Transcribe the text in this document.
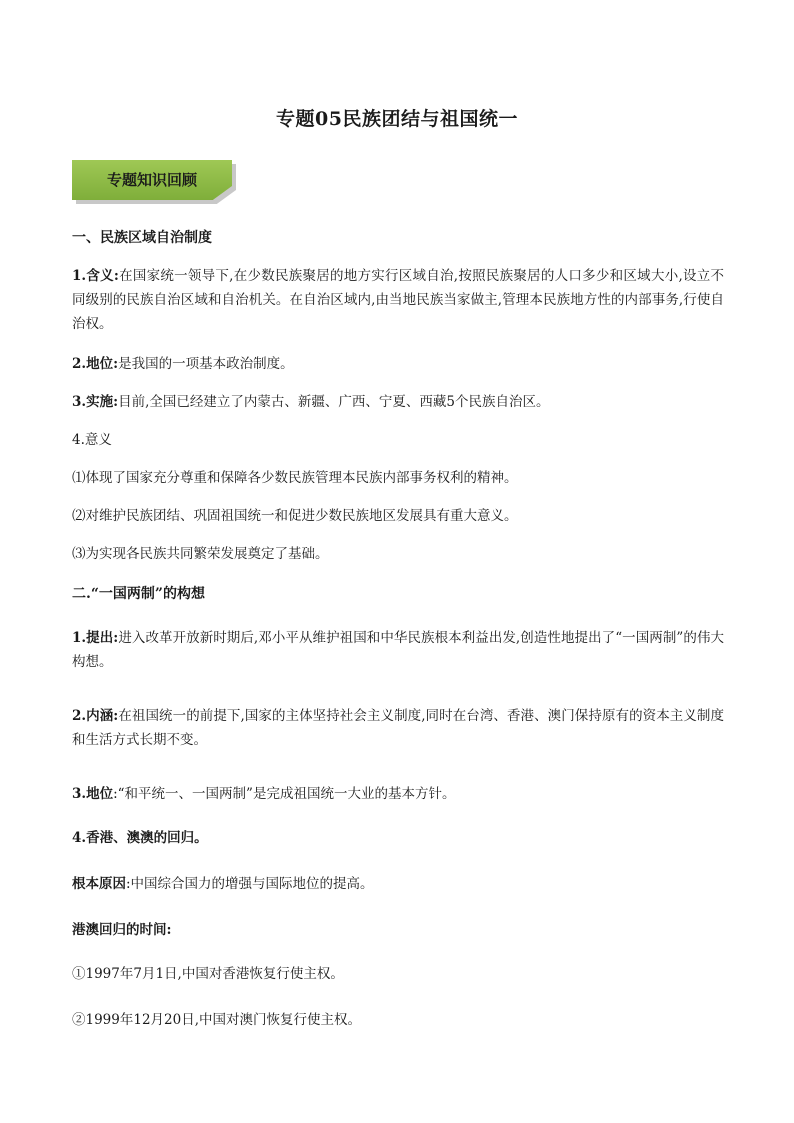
专题05民族团结与祖国统一
专题知识回顾

一、民族区域自治制度

1.含义:在国家统一领导下,在少数民族聚居的地方实行区域自治,按照民族聚居的人口多少和区域大小,设立不同级别的民族自治区域和自治机关。在自治区域内,由当地民族当家做主,管理本民族地方性的内部事务,行使自治权。

2.地位:是我国的一项基本政治制度。

3.实施:目前,全国已经建立了内蒙古、新疆、广西、宁夏、西藏5个民族自治区。

4.意义

⑴体现了国家充分尊重和保障各少数民族管理本民族内部事务权利的精神。

⑵对维护民族团结、巩固祖国统一和促进少数民族地区发展具有重大意义。

⑶为实现各民族共同繁荣发展奠定了基础。

二.“一国两制”的构想

1.提出:进入改革开放新时期后,邓小平从维护祖国和中华民族根本利益出发,创造性地提出了“一国两制”的伟大构想。

2.内涵:在祖国统一的前提下,国家的主体坚持社会主义制度,同时在台湾、香港、澳门保持原有的资本主义制度和生活方式长期不变。

3.地位:“和平统一、一国两制”是完成祖国统一大业的基本方针。

4.香港、澳澳的回归。

根本原因:中国综合国力的增强与国际地位的提高。

港澳回归的时间:

①1997年7月1日,中国对香港恢复行使主权。

②1999年12月20日,中国对澳门恢复行使主权。
